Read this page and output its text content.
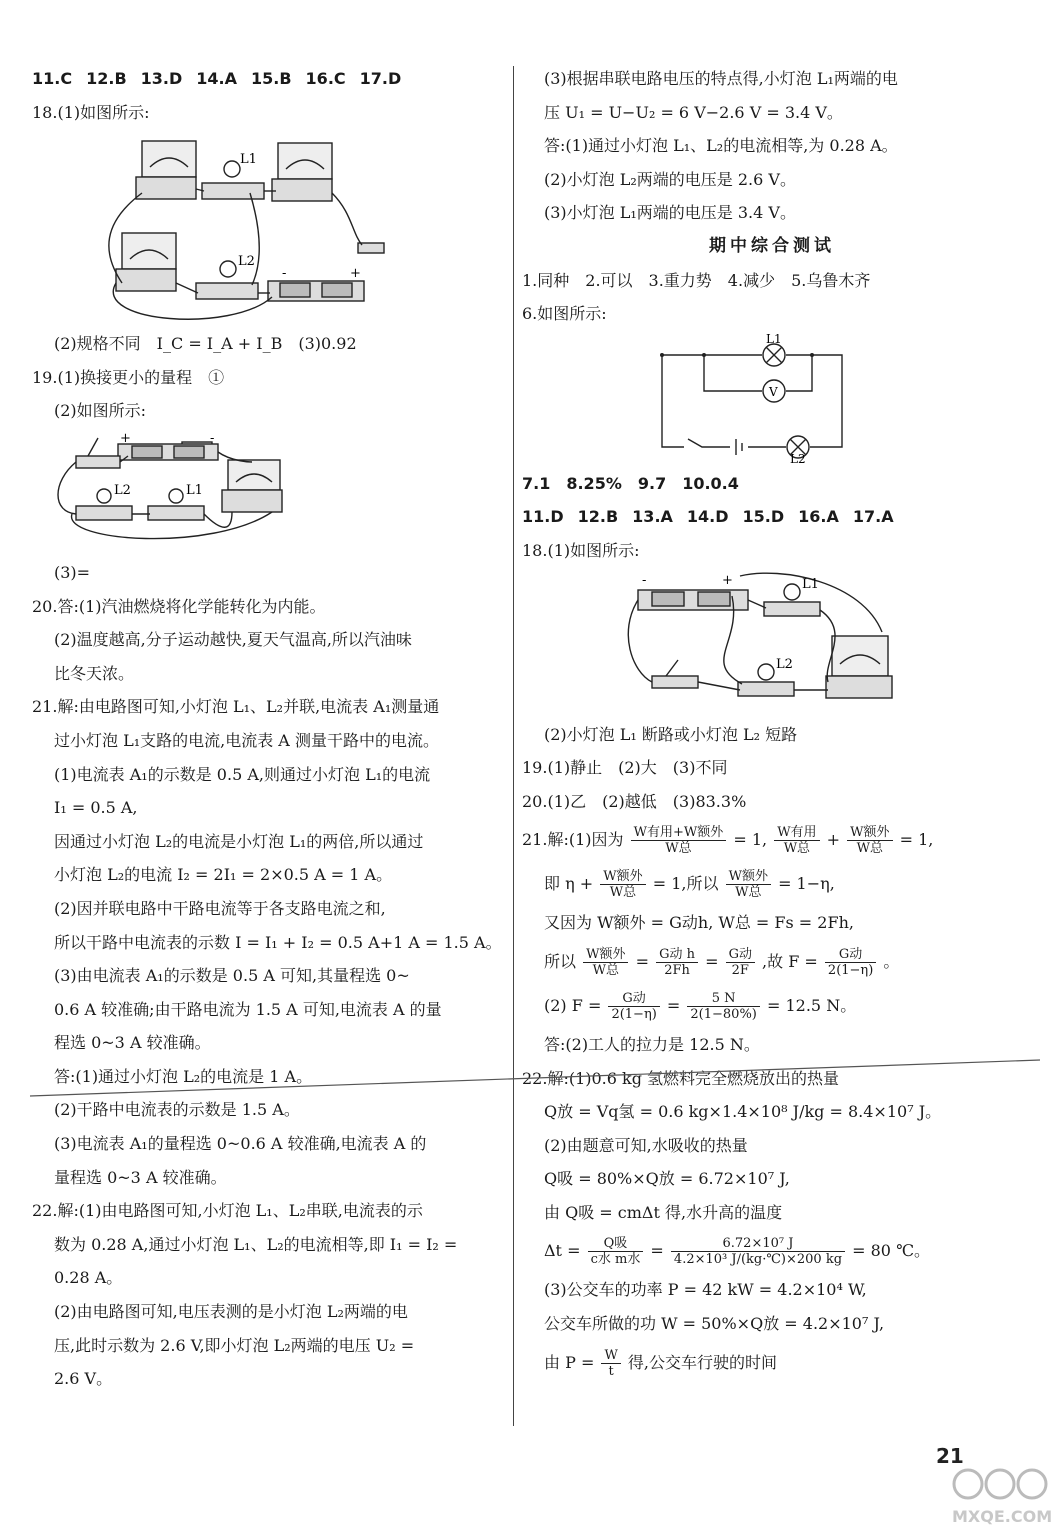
11.C 12.B 13.D 14.A 15.B 16.C 17.D
18.(1)如图所示:
L1
L2
-	+
(2)规格不同　I_C = I_A + I_B　(3)0.92
19.(1)换接更小的量程　①
(2)如图所示:
L2	L1
+	-
(3)=
20.答:(1)汽油燃烧将化学能转化为内能。
(2)温度越高,分子运动越快,夏天气温高,所以汽油味
比冬天浓。
21.解:由电路图可知,小灯泡 L₁、L₂并联,电流表 A₁测量通
过小灯泡 L₁支路的电流,电流表 A 测量干路中的电流。
(1)电流表 A₁的示数是 0.5 A,则通过小灯泡 L₁的电流
I₁ = 0.5 A,
因通过小灯泡 L₂的电流是小灯泡 L₁的两倍,所以通过
小灯泡 L₂的电流 I₂ = 2I₁ = 2×0.5 A = 1 A。
(2)因并联电路中干路电流等于各支路电流之和,
所以干路中电流表的示数 I = I₁ + I₂ = 0.5 A+1 A = 1.5 A。
(3)由电流表 A₁的示数是 0.5 A 可知,其量程选 0~
0.6 A 较准确;由干路电流为 1.5 A 可知,电流表 A 的量
程选 0~3 A 较准确。
答:(1)通过小灯泡 L₂的电流是 1 A。
(2)干路中电流表的示数是 1.5 A。
(3)电流表 A₁的量程选 0~0.6 A 较准确,电流表 A 的
量程选 0~3 A 较准确。
22.解:(1)由电路图可知,小灯泡 L₁、L₂串联,电流表的示
数为 0.28 A,通过小灯泡 L₁、L₂的电流相等,即 I₁ = I₂ =
0.28 A。
(2)由电路图可知,电压表测的是小灯泡 L₂两端的电
压,此时示数为 2.6 V,即小灯泡 L₂两端的电压 U₂ =
2.6 V。
(3)根据串联电路电压的特点得,小灯泡 L₁两端的电
压 U₁ = U−U₂ = 6 V−2.6 V = 3.4 V。
答:(1)通过小灯泡 L₁、L₂的电流相等,为 0.28 A。
(2)小灯泡 L₂两端的电压是 2.6 V。
(3)小灯泡 L₁两端的电压是 3.4 V。
期中综合测试
1.同种　2.可以　3.重力势　4.减少　5.乌鲁木齐
6.如图所示:
L1
V
L2
7.1　8.25%　9.7　10.0.4
11.D 12.B 13.A 14.D 15.D 16.A 17.A
18.(1)如图所示:
-	+	L1
L2
(2)小灯泡 L₁ 断路或小灯泡 L₂ 短路
19.(1)静止　(2)大　(3)不同
20.(1)乙　(2)越低　(3)83.3%
21.解:(1)因为 $\frac{\text{W有用+W额外}}{\text{W总}} = 1$, $\frac{\text{W有用}}{\text{W总}} + \frac{\text{W额外}}{\text{W总}} = 1$,
即 $\eta + \frac{\text{W额外}}{\text{W总}} = 1$,所以 $\frac{\text{W额外}}{\text{W总}} = 1-\eta$,
又因为 W额外 = G动h, W总 = Fs = 2Fh,
所以 $\frac{\text{W额外}}{\text{W总}} = \frac{\text{G动 h}}{2Fh} = \frac{\text{G动}}{2F}$ ,故 $F = \frac{\text{G动}}{2(1-\eta)}$ 。
(2) $F = \frac{\text{G动}}{2(1-\eta)} = \frac{5 N}{2(1-80\%)} = 12.5$ N。
答:(2)工人的拉力是 12.5 N。
22.解:(1)0.6 kg 氢燃料完全燃烧放出的热量
Q放 = Vq氢 = 0.6 kg×1.4×10⁸ J/kg = 8.4×10⁷ J。
(2)由题意可知,水吸收的热量
Q吸 = 80%×Q放 = 6.72×10⁷ J,
由 Q吸 = cmΔt 得,水升高的温度
$\Delta t = \frac{\text{Q吸}}{\text{c水 m水}} = \frac{\text{6.72×10⁷ J}}{\text{4.2×10³ J/(kg·℃)×200 kg}} = 80$ ℃。
(3)公交车的功率 P = 42 kW = 4.2×10⁴ W,
公交车所做的功 W = 50%×Q放 = 4.2×10⁷ J,
由 $P = \frac{W}{t}$ 得,公交车行驶的时间
21
MXQE.COM
